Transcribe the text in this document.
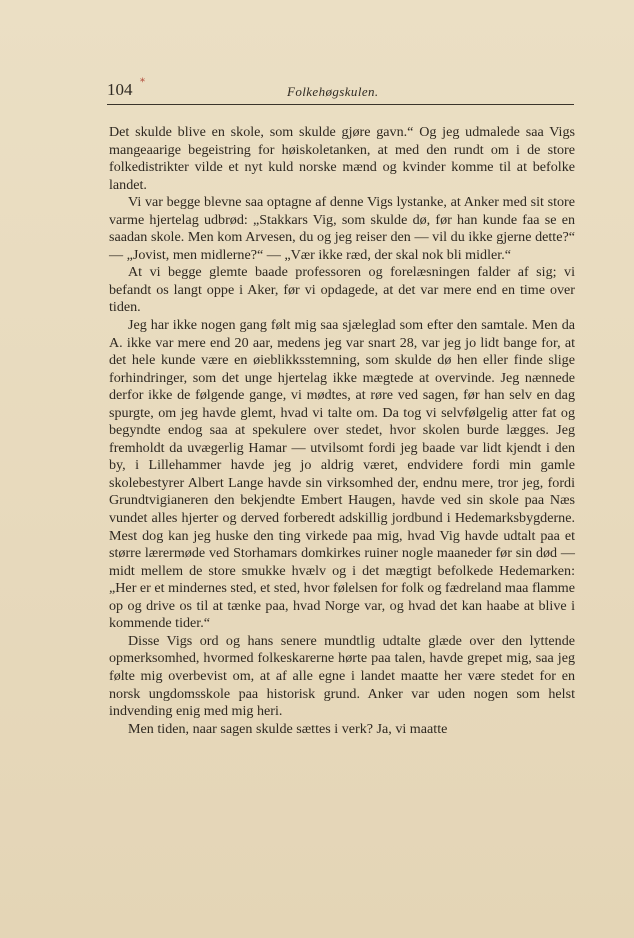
104 *
Folkehøgskulen.

Det skulde blive en skole, som skulde gjøre gavn.“ Og jeg udmalede saa Vigs mangeaarige begeistring for høiskoletanken, at med den rundt om i de store folkedistrikter vilde et nyt kuld norske mænd og kvinder komme til at befolke landet.

Vi var begge blevne saa optagne af denne Vigs lystanke, at Anker med sit store varme hjertelag udbrød: „Stakkars Vig, som skulde dø, før han kunde faa se en saadan skole. Men kom Arvesen, du og jeg reiser den — vil du ikke gjerne dette?“ — „Jovist, men midlerne?“ — „Vær ikke ræd, der skal nok bli midler.“

At vi begge glemte baade professoren og forelæsningen falder af sig; vi befandt os langt oppe i Aker, før vi opdagede, at det var mere end en time over tiden.

Jeg har ikke nogen gang følt mig saa sjæleglad som efter den samtale. Men da A. ikke var mere end 20 aar, medens jeg var snart 28, var jeg jo lidt bange for, at det hele kunde være en øieblikksstemning, som skulde dø hen eller finde slige forhindringer, som det unge hjertelag ikke mægtede at overvinde. Jeg nænnede derfor ikke de følgende gange, vi mødtes, at røre ved sagen, før han selv en dag spurgte, om jeg havde glemt, hvad vi talte om. Da tog vi selvfølgelig atter fat og begyndte endog saa at spekulere over stedet, hvor skolen burde lægges. Jeg fremholdt da uvægerlig Hamar — utvilsomt fordi jeg baade var lidt kjendt i den by, i Lillehammer havde jeg jo aldrig været, endvidere fordi min gamle skolebestyrer Albert Lange havde sin virksomhed der, endnu mere, tror jeg, fordi Grundtvigianeren den bekjendte Embert Haugen, havde ved sin skole paa Næs vundet alles hjerter og derved forberedt adskillig jordbund i Hedemarksbygderne. Mest dog kan jeg huske den ting virkede paa mig, hvad Vig havde udtalt paa et større lærermøde ved Storhamars domkirkes ruiner nogle maaneder før sin død — midt mellem de store smukke hvælv og i det mægtigt befolkede Hedemarken: „Her er et mindernes sted, et sted, hvor følelsen for folk og fædreland maa flamme op og drive os til at tænke paa, hvad Norge var, og hvad det kan haabe at blive i kommende tider.“

Disse Vigs ord og hans senere mundtlig udtalte glæde over den lyttende opmerksomhed, hvormed folkeskarerne hørte paa talen, havde grepet mig, saa jeg følte mig overbevist om, at af alle egne i landet maatte her være stedet for en norsk ungdomsskole paa historisk grund. Anker var uden nogen som helst indvending enig med mig heri.

Men tiden, naar sagen skulde sættes i verk? Ja, vi maatte
